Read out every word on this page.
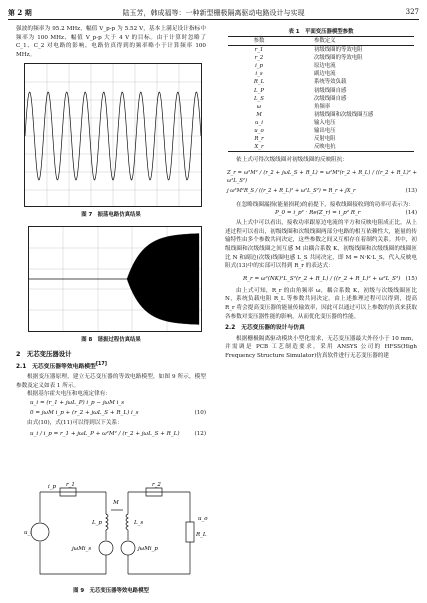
第 2 期	陆玉芳，韩成福等：一种新型栅极隔离驱动电路设计与实现	327

强波的频率为 95.2 MHz，幅值 V_p-p 为 5.52 V，基本上满足设计指标中频率为 100 MHz、幅值 V_p-p 大于 4 V 的目标。由于计算时忽略了 C_1、C_2 对电路的影响，电路仿真得到的频率略小于计算频率 100 MHz。

图 7　振荡电路仿真结果
图 8　谐振过程仿真结果
2　无芯变压器设计
2.1　无芯变压器等效电路模型[17]

根据变压器原理，建立无芯变压器的等效电路模型，如图 9 所示，模型参数及定义如表 1 所示。

根据基尔霍夫电压和电流定律有：

u_i = (r_1 + jωL_P) i_p − jωM i_s
0 = jωM i_p + (r_2 + jωL_S + R_L) i_s	(10)

由式(10)，式(11)可以得到以下关系：

u_i / i_p = r_1 + jωL_P + ω²M² / (r_2 + jωL_S + R_L)	(12)
M
i_p r_1	r_2
L_p	L_s
u_i
u_o
R_L
jωMi_s	jωMi_p
图 9　无芯变压器等效电路模型
表 1　平面变压器模型参数
参数	参数定义
r_1	初级线圈的等效电阻
r_2	次级线圈的等效电阻
i_p	原边电流
i_s	副边电流
R_L	系统等效负载
L_P	初级线圈自感
L_S	次级线圈自感
ω	角频率
M	初级线圈和次级线圈互感
u_i	输入电压
u_o	输出电压
R_r	反射电阻
X_r	反映电抗

依上式可得次级线圈对初级线圈的反映阻抗：

Z_r = ω²M² / (r_2 + jωL_S + R_L) = ω²M²(r_2 + R_L) / ((r_2 + R_L)² + ω²L_S²)
j ω³M²R_S / ((r_2 + R_L)² + ω²L_S²) = R_r + jX_r	(13)

在忽略线圈漏损(能量损耗)的前提下，接收线圈接收到的功率可表示为：

P_0 = i_p² · Re(Z_r) = i_p² R_r	(14)

从上式中可以看出，接收功率跟原边电流的平方和反映电阻成正比。从上述过程可以看出，初级线圈和次级线圈两部分电路的相互依赖性大，能量的传输特性由多个参数共同决定，这些参数之间又互相存在着制约关系。其中，初级线圈和次级线圈之间互感 M 由耦合系数 K，初级线圈和次级线圈的线圈匝比 N 和副边(次级)线圈电感 L_S 共同决定，即 M = N·K·L_S，代入反映电阻式(13)中的实部可以得到 R_r 的表达式：

R_r = ω²(NK)²L_S²(r_2 + R_L) / ((r_2 + R_L)² + ω²L_S²) (15)

由上式可知，R_r 的由角频率 ω，耦合系数 K，初级与次级线圈匝比 N，系统负载电阻 R_L 等参数共同决定。由上述推理过程可以得到，提高 R_r 将会提高变压器的能量传输效率，因此可以通过可以上参数的仿真来获取各参数对变压器性能的影响，从而优化变压器的性能。

2.2　无芯变压器的设计与仿真

根据栅极隔离驱动模块小型化需求，无芯变压器最大外径小于 10 mm，并需调是 PCB 工艺制造要求。采用 ANSYS 公司的 HFSS(High Frequency Structure Simulator)仿真软件进行无芯变压器的建
